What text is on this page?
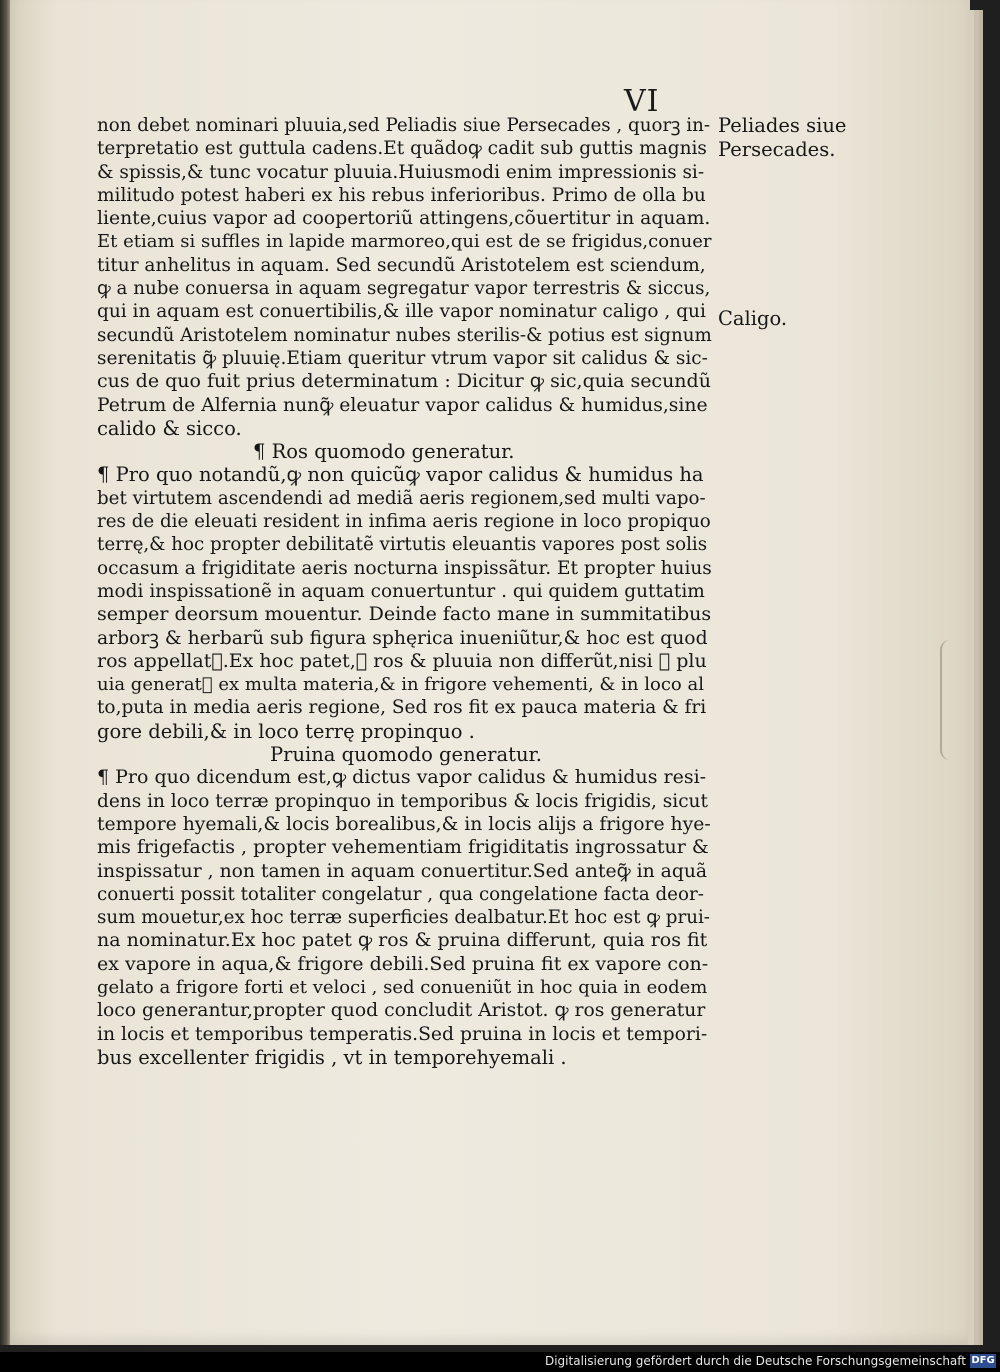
VI
Peliades siue
Persecades.
Caligo.
non debet nominari pluuia,sed Peliadis siue Persecades , quorꝫ in-
terpretatio est guttula cadens.Et quãdoꝙ cadit sub guttis magnis
& spissis,& tunc vocatur pluuia.Huiusmodi enim impressionis si-
militudo potest haberi ex his rebus inferioribus. Primo de olla bu
liente,cuius vapor ad coopertoriũ attingens,cõuertitur in aquam.
Et etiam si suffles in lapide marmoreo,qui est de se frigidus,conuer
titur anhelitus in aquam. Sed secundũ Aristotelem est sciendum,
ꝙ a nube conuersa in aquam segregatur vapor terrestris & siccus,
qui in aquam est conuertibilis,& ille vapor nominatur caligo , qui
secundũ Aristotelem nominatur nubes sterilis-& potius est signum
serenitatis ꝙ̃ pluuię.Etiam queritur vtrum vapor sit calidus & sic-
cus de quo fuit prius determinatum : Dicitur ꝙ sic,quia secundũ
Petrum de Alfernia nunꝙ̃ eleuatur vapor calidus & humidus,sine
calido & sicco.
¶ Ros quomodo generatur.
¶ Pro quo notandũ,ꝙ non quicũꝙ vapor calidus & humidus ha
bet virtutem ascendendi ad mediã aeris regionem,sed multi vapo-
res de die eleuati resident in infima aeris regione in loco propiquo
terrę,& hoc propter debilitatẽ virtutis eleuantis vapores post solis
occasum a frigiditate aeris nocturna inspissãtur. Et propter huius
modi inspissationẽ in aquam conuertuntur . qui quidem guttatim
semper deorsum mouentur. Deinde facto mane in summitatibus
arborꝫ & herbarũ sub figura sphęrica inueniũtur,& hoc est quod
ros appellatᷓ.Ex hoc patet,ꝙ ros & pluuia non differũt,nisi ꝙ plu
uia generatᷓ ex multa materia,& in frigore vehementi, & in loco al
to,puta in media aeris regione, Sed ros fit ex pauca materia & fri
gore debili,& in loco terrę propinquo .
Pruina quomodo generatur.
¶ Pro quo dicendum est,ꝙ dictus vapor calidus & humidus resi-
dens in loco terræ propinquo in temporibus & locis frigidis, sicut
tempore hyemali,& locis borealibus,& in locis alijs a frigore hye-
mis frigefactis , propter vehementiam frigiditatis ingrossatur &
inspissatur , non tamen in aquam conuertitur.Sed anteꝙ̃ in aquã
conuerti possit totaliter congelatur , qua congelatione facta deor-
sum mouetur,ex hoc terræ superficies dealbatur.Et hoc est ꝙ prui-
na nominatur.Ex hoc patet ꝙ ros & pruina differunt, quia ros fit
ex vapore in aqua,& frigore debili.Sed pruina fit ex vapore con-
gelato a frigore forti et veloci , sed conueniũt in hoc quia in eodem
loco generantur,propter quod concludit Aristot. ꝙ ros generatur
in locis et temporibus temperatis.Sed pruina in locis et tempori-
bus excellenter frigidis , vt in temporehyemali .
Digitalisierung gefördert durch die Deutsche Forschungsgemeinschaft DFG
